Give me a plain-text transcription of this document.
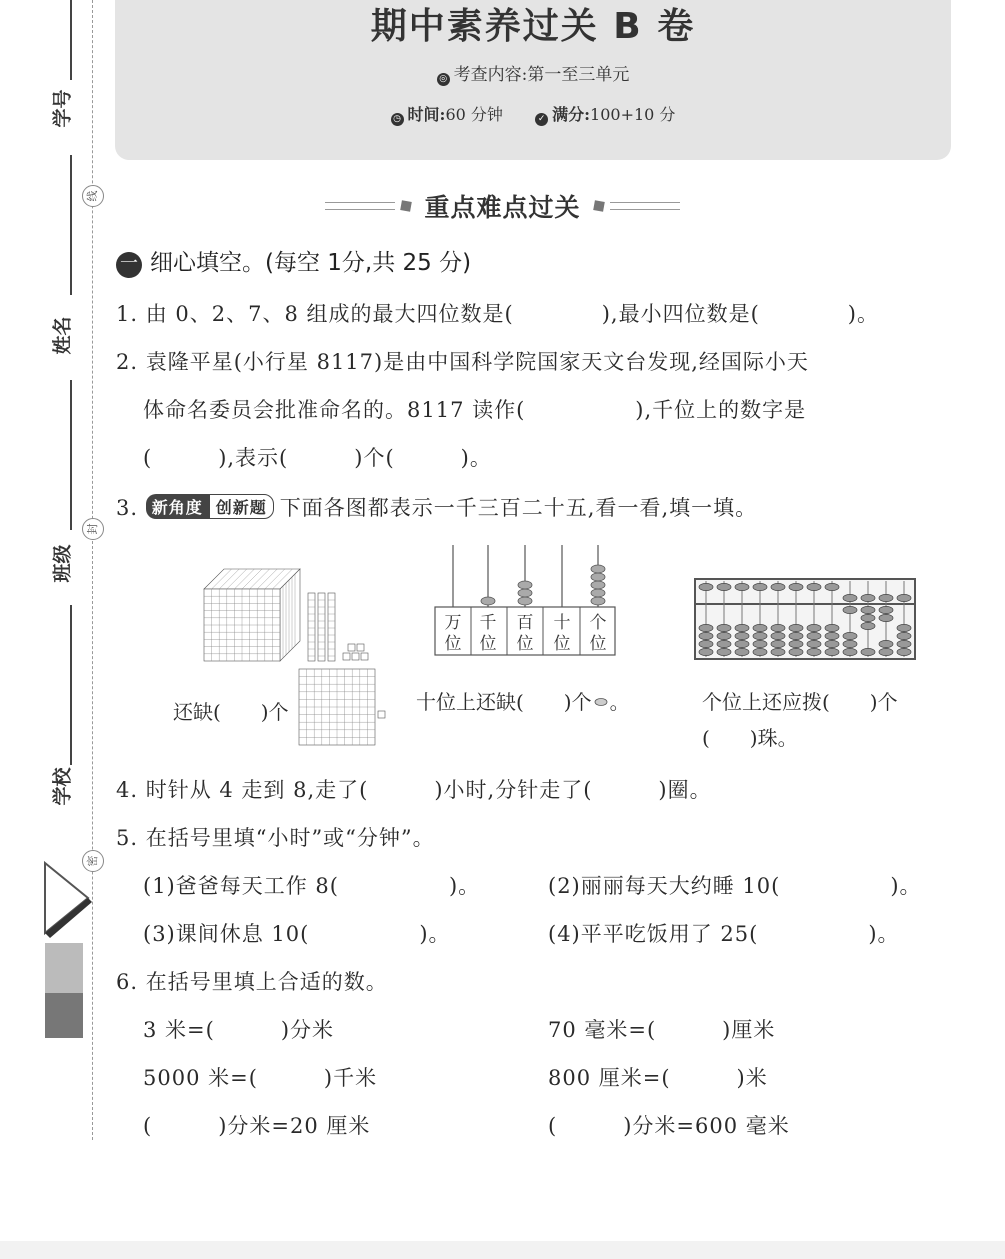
学号
姓名
班级
学校
线
封
密
期中素养过关 B 卷
◎ 考查内容:第一至三单元
◷ 时间:60 分钟	✓ 满分:100+10 分
重点难点过关
一 细心填空。(每空 1分,共 25 分)
1. 由 0、2、7、8 组成的最大四位数是(　　　　),最小四位数是(　　　　)。
2. 袁隆平星(小行星 8117)是由中国科学院国家天文台发现,经国际小天
体命名委员会批准命名的。8117 读作(　　　　　),千位上的数字是
(　　　),表示(　　　)个(　　　)。
3. 新角度 创新题 下面各图都表示一千三百二十五,看一看,填一填。
还缺(　　)个
万
位
千
位
百
位
十
位
个
位
十位上还缺(　　)个 。	个位上还应拨(　　)个
(　　)珠。
4. 时针从 4 走到 8,走了(　　　)小时,分针走了(　　　)圈。
5. 在括号里填“小时”或“分钟”。
(1)爸爸每天工作 8(　　　　　)。	(2)丽丽每天大约睡 10(　　　　　)。
(3)课间休息 10(　　　　　)。	(4)平平吃饭用了 25(　　　　　)。
6. 在括号里填上合适的数。
3 米=(　　　)分米	70 毫米=(　　　)厘米
5000 米=(　　　)千米	800 厘米=(　　　)米
(　　　)分米=20 厘米	(　　　)分米=600 毫米
